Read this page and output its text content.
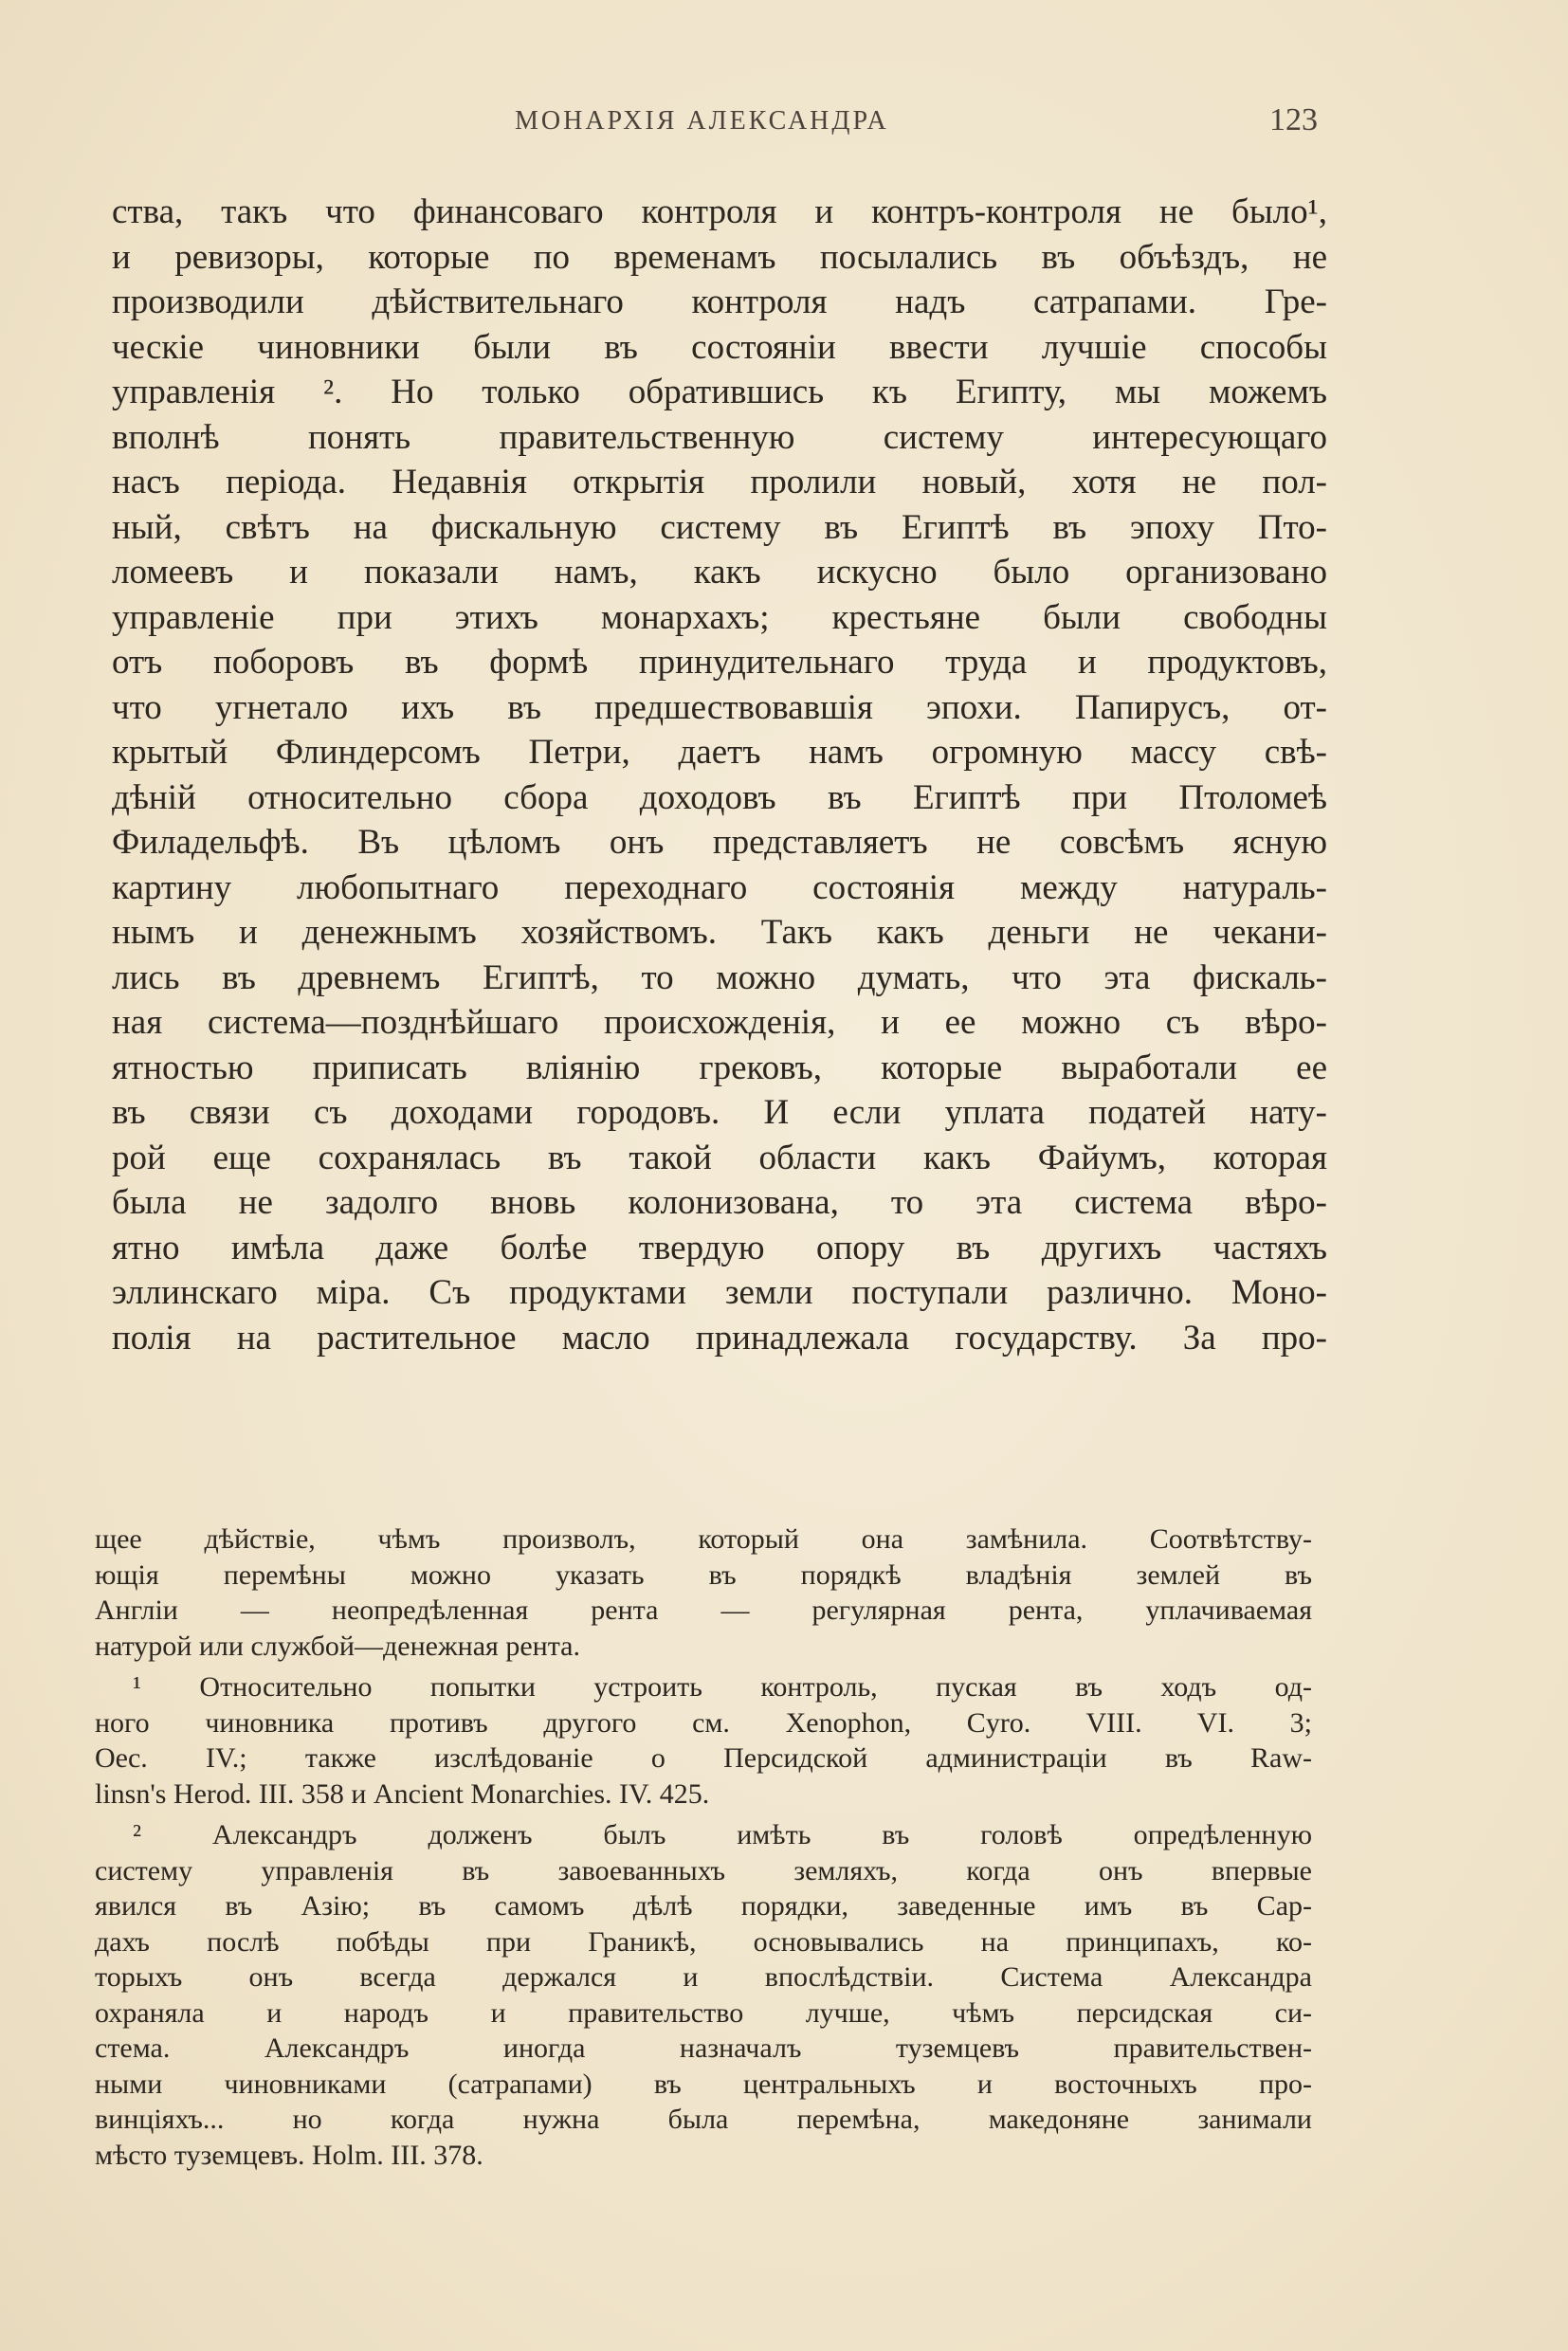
МОНАРХІЯ АЛЕКСАНДРА	123
ства, такъ что финансоваго контроля и контръ-контроля не было¹,
и ревизоры, которые по временамъ посылались въ объѣздъ, не
производили дѣйствительнаго контроля надъ сатрапами. Гре-
ческіе чиновники были въ состояніи ввести лучшіе способы
управленія ². Но только обратившись къ Египту, мы можемъ
вполнѣ понять правительственную систему интересующаго
насъ періода. Недавнія открытія пролили новый, хотя не пол-
ный, свѣтъ на фискальную систему въ Египтѣ въ эпоху Пто-
ломеевъ и показали намъ, какъ искусно было организовано
управленіе при этихъ монархахъ; крестьяне были свободны
отъ поборовъ въ формѣ принудительнаго труда и продуктовъ,
что угнетало ихъ въ предшествовавшія эпохи. Папирусъ, от-
крытый Флиндерсомъ Петри, даетъ намъ огромную массу свѣ-
дѣній относительно сбора доходовъ въ Египтѣ при Птоломеѣ
Филадельфѣ. Въ цѣломъ онъ представляетъ не совсѣмъ ясную
картину любопытнаго переходнаго состоянія между натураль-
нымъ и денежнымъ хозяйствомъ. Такъ какъ деньги не чекани-
лись въ древнемъ Египтѣ, то можно думать, что эта фискаль-
ная система—позднѣйшаго происхожденія, и ее можно съ вѣро-
ятностью приписать вліянію грековъ, которые выработали ее
въ связи съ доходами городовъ. И если уплата податей нату-
рой еще сохранялась въ такой области какъ Файумъ, которая
была не задолго вновь колонизована, то эта система вѣро-
ятно имѣла даже болѣе твердую опору въ другихъ частяхъ
эллинскаго міра. Съ продуктами земли поступали различно. Моно-
полія на растительное масло принадлежала государству. За про-
щее дѣйствіе, чѣмъ произволъ, который она замѣнила. Соотвѣтству-
ющія перемѣны можно указать въ порядкѣ владѣнія землей въ
Англіи — неопредѣленная рента — регулярная рента, уплачиваемая
натурой или службой—денежная рента.
¹ Относительно попытки устроить контроль, пуская въ ходъ од-
ного чиновника противъ другого см. Xenophon, Cyro. VIII. VI. 3;
Oec. IV.; также изслѣдованіе о Персидской администраціи въ Raw-
linsn's Herod. III. 358 и Ancient Monarchies. IV. 425.
² Александръ долженъ былъ имѣть въ головѣ опредѣленную
систему управленія въ завоеванныхъ земляхъ, когда онъ впервые
явился въ Азію; въ самомъ дѣлѣ порядки, заведенные имъ въ Сар-
дахъ послѣ побѣды при Граникѣ, основывались на принципахъ, ко-
торыхъ онъ всегда держался и впослѣдствіи. Система Александра
охраняла и народъ и правительство лучше, чѣмъ персидская си-
стема. Александръ иногда назначалъ туземцевъ правительствен-
ными чиновниками (сатрапами) въ центральныхъ и восточныхъ про-
винціяхъ... но когда нужна была перемѣна, македоняне занимали
мѣсто туземцевъ. Holm. III. 378.
